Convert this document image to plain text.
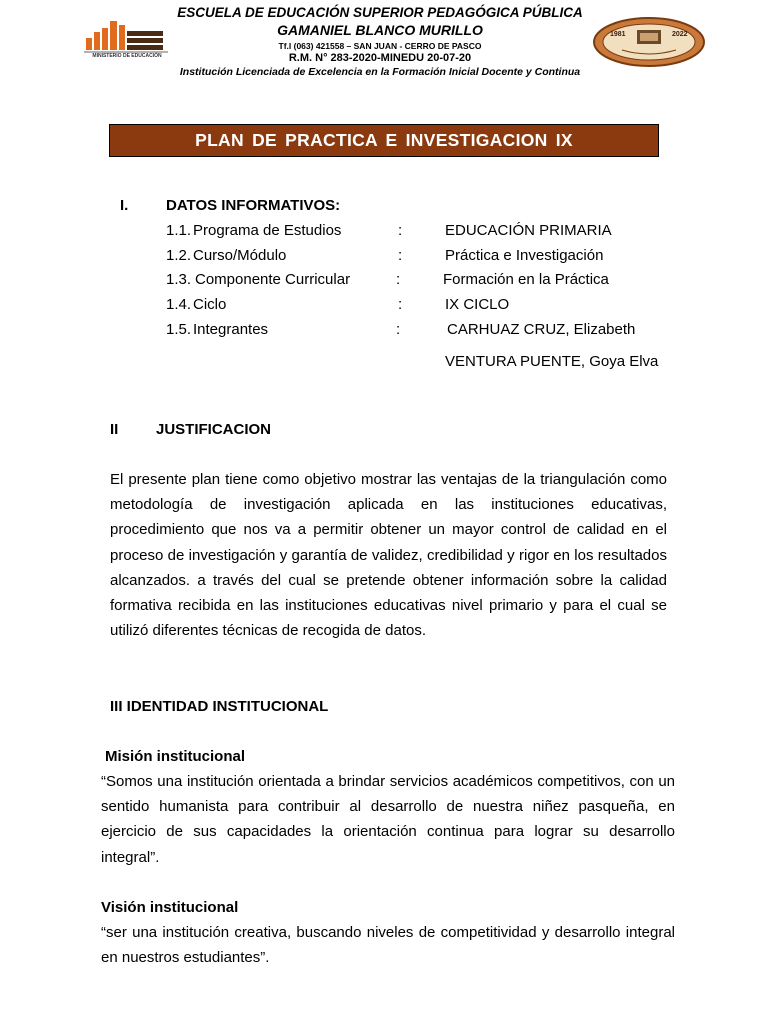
MINISTERIO DE EDUCACIÓN
ESCUELA DE EDUCACIÓN SUPERIOR PEDAGÓGICA PÚBLICA
GAMANIEL BLANCO MURILLO
Tf.l (063) 421558 – SAN JUAN - CERRO DE PASCO
R.M. N° 283-2020-MINEDU 20-07-20
Institución Licenciada de Excelencia en la Formación Inicial Docente y Continua
1981	2022
PLAN DE PRACTICA E INVESTIGACION IX
I.	DATOS INFORMATIVOS:
1.1. Programa de Estudios	:	EDUCACIÓN PRIMARIA
1.2. Curso/Módulo	:	Práctica e Investigación
1.3. Componente Curricular	:	Formación en la Práctica
1.4. Ciclo	:	IX CICLO
1.5. Integrantes	:	CARHUAZ CRUZ, Elizabeth
VENTURA PUENTE, Goya Elva
II	JUSTIFICACION
El presente plan tiene como objetivo mostrar las ventajas de la triangulación como metodología de investigación aplicada en las instituciones educativas, procedimiento que nos va a permitir obtener un mayor control de calidad en el proceso de investigación y garantía de validez, credibilidad y rigor en los resultados alcanzados. a través del cual se pretende obtener información sobre la calidad formativa recibida en las instituciones educativas nivel primario y para el cual se utilizó diferentes técnicas de recogida de datos.
III IDENTIDAD INSTITUCIONAL
Misión institucional
“Somos una institución orientada a brindar servicios académicos competitivos, con un sentido humanista para contribuir al desarrollo de nuestra niñez pasqueña, en ejercicio de sus capacidades la orientación continua para lograr su desarrollo integral”.
Visión institucional
“ser una institución creativa, buscando niveles de competitividad y desarrollo integral en nuestros estudiantes”.
